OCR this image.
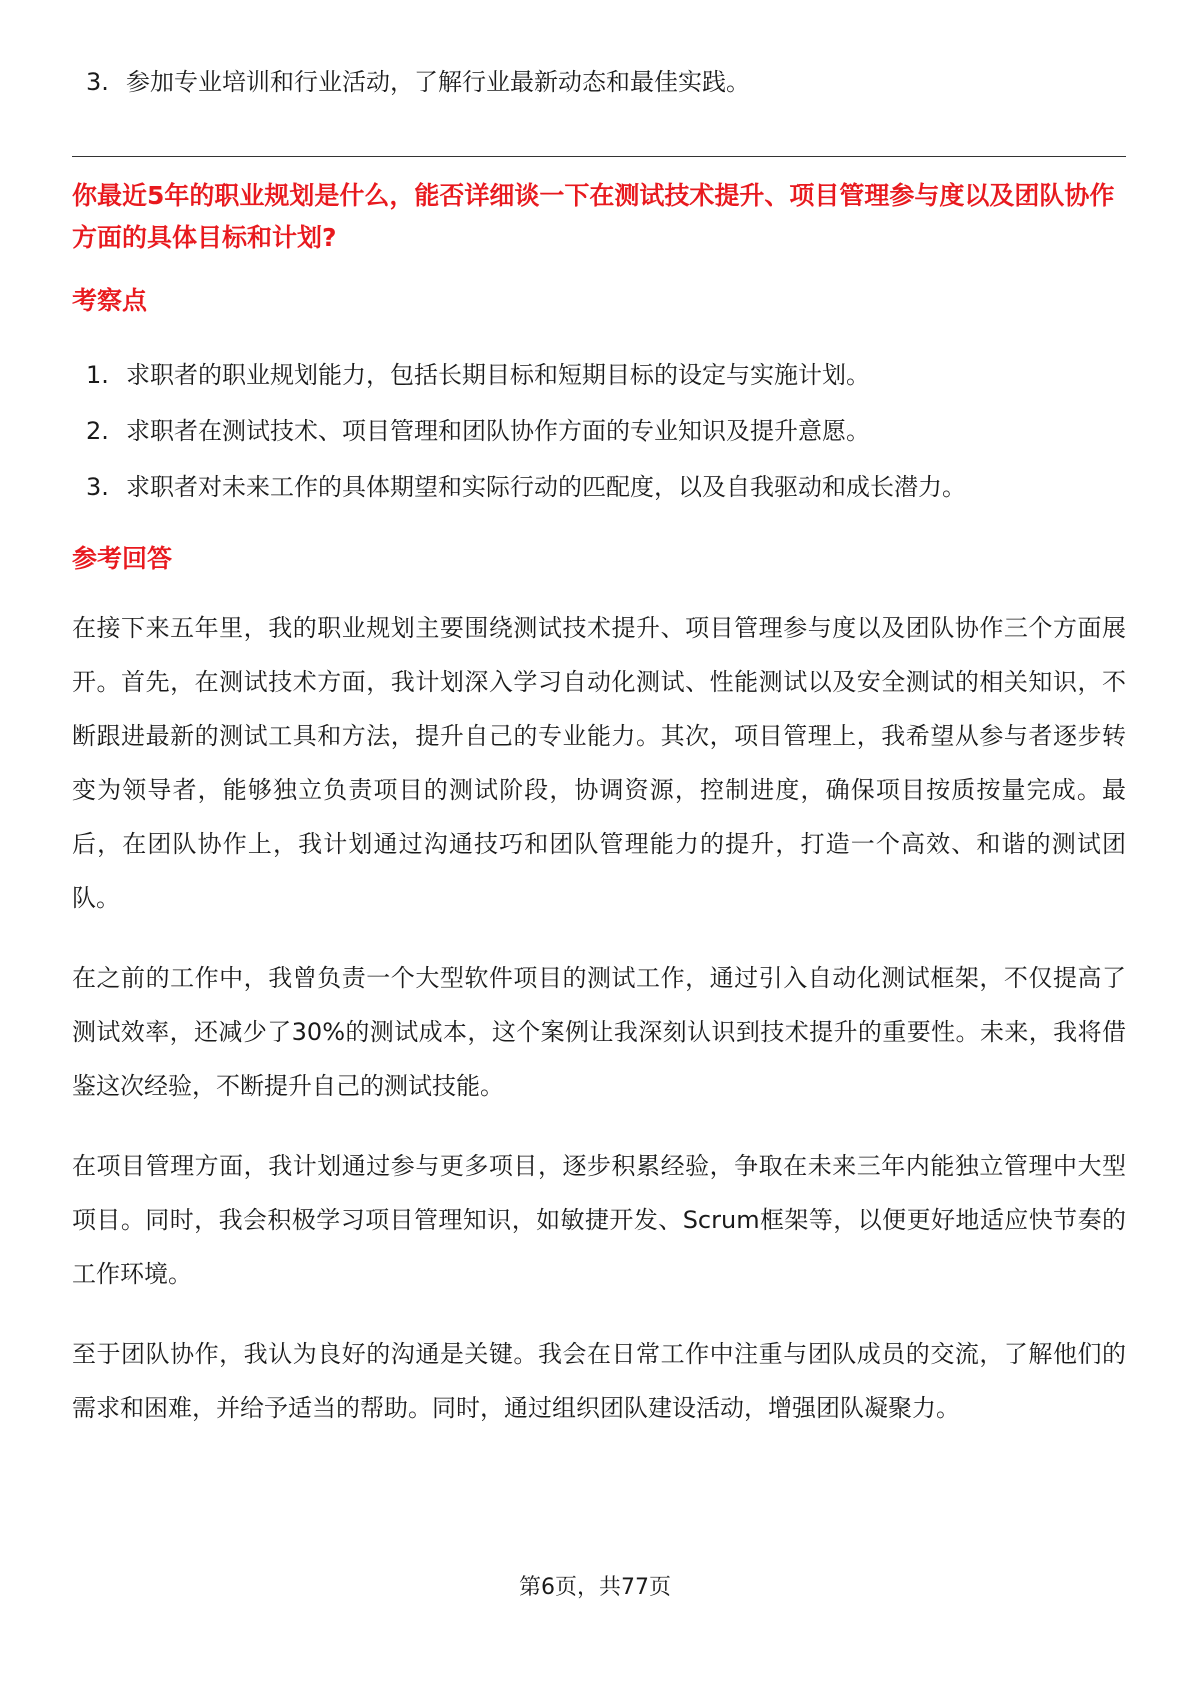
3. 参加专业培训和行业活动，了解行业最新动态和最佳实践。

你最近5年的职业规划是什么，能否详细谈一下在测试技术提升、项目管理参与度以及团队协作方面的具体目标和计划?

考察点
1. 求职者的职业规划能力，包括长期目标和短期目标的设定与实施计划。
2. 求职者在测试技术、项目管理和团队协作方面的专业知识及提升意愿。
3. 求职者对未来工作的具体期望和实际行动的匹配度，以及自我驱动和成长潜力。
参考回答

在接下来五年里，我的职业规划主要围绕测试技术提升、项目管理参与度以及团队协作三个方面展开。首先，在测试技术方面，我计划深入学习自动化测试、性能测试以及安全测试的相关知识，不断跟进最新的测试工具和方法，提升自己的专业能力。其次，项目管理上，我希望从参与者逐步转变为领导者，能够独立负责项目的测试阶段，协调资源，控制进度，确保项目按质按量完成。最后，在团队协作上，我计划通过沟通技巧和团队管理能力的提升，打造一个高效、和谐的测试团队。

在之前的工作中，我曾负责一个大型软件项目的测试工作，通过引入自动化测试框架，不仅提高了测试效率，还减少了30%的测试成本，这个案例让我深刻认识到技术提升的重要性。未来，我将借鉴这次经验，不断提升自己的测试技能。

在项目管理方面，我计划通过参与更多项目，逐步积累经验，争取在未来三年内能独立管理中大型项目。同时，我会积极学习项目管理知识，如敏捷开发、Scrum框架等，以便更好地适应快节奏的工作环境。

至于团队协作，我认为良好的沟通是关键。我会在日常工作中注重与团队成员的交流，了解他们的需求和困难，并给予适当的帮助。同时，通过组织团队建设活动，增强团队凝聚力。

第6页，共77页
